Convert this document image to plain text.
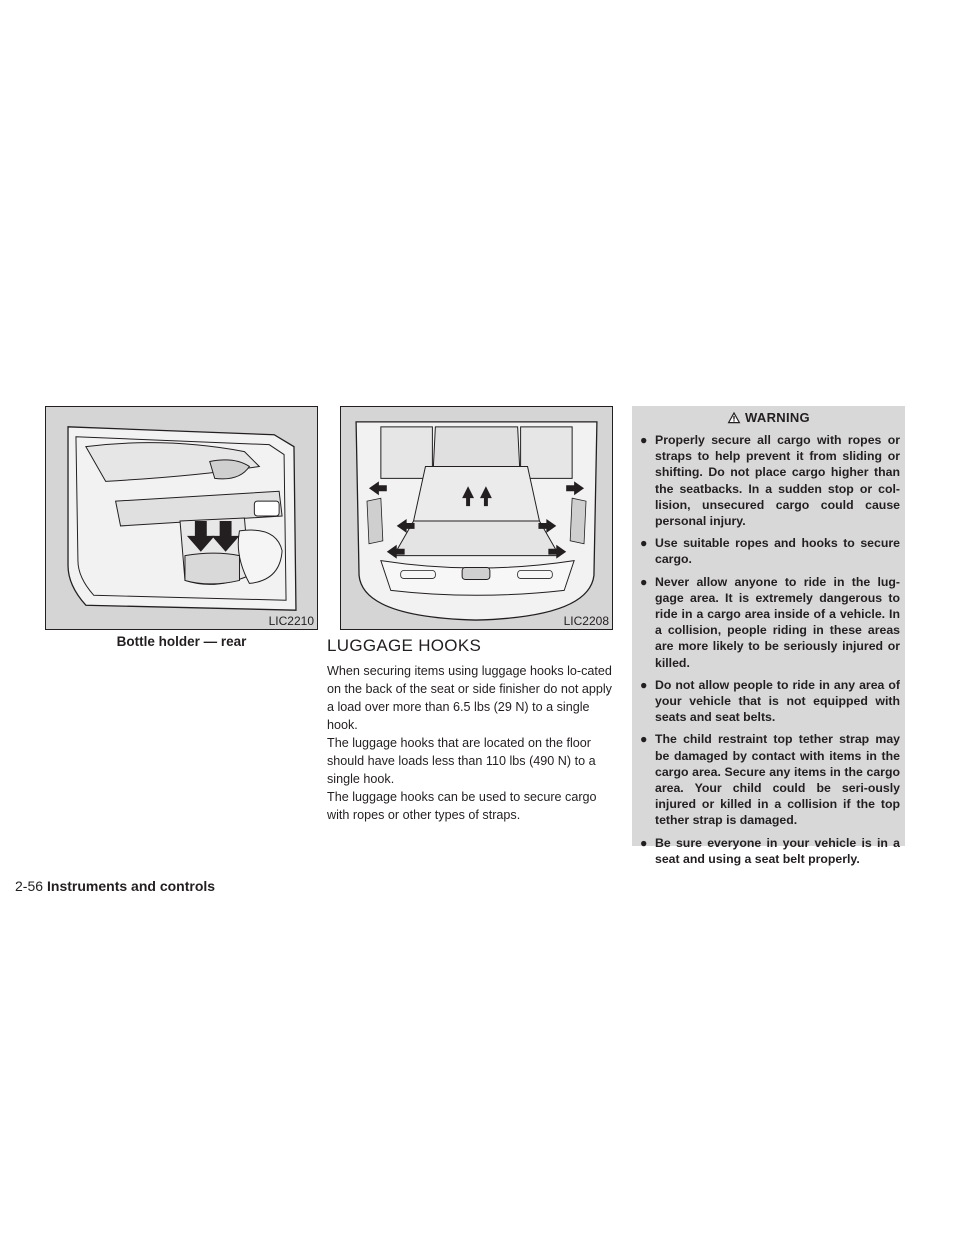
LIC2210
Bottle holder — rear
LIC2208
LUGGAGE HOOKS

When securing items using luggage hooks lo-cated on the back of the seat or side finisher do not apply a load over more than 6.5 lbs (29 N) to a single hook.

The luggage hooks that are located on the floor should have loads less than 110 lbs (490 N) to a single hook.

The luggage hooks can be used to secure cargo with ropes or other types of straps.

WARNING
● Properly secure all cargo with ropes or straps to help prevent it from sliding or shifting. Do not place cargo higher than the seatbacks. In a sudden stop or col-lision, unsecured cargo could cause personal injury.
● Use suitable ropes and hooks to secure cargo.
● Never allow anyone to ride in the lug-gage area. It is extremely dangerous to ride in a cargo area inside of a vehicle. In a collision, people riding in these areas are more likely to be seriously injured or killed.
● Do not allow people to ride in any area of your vehicle that is not equipped with seats and seat belts.
● The child restraint top tether strap may be damaged by contact with items in the cargo area. Secure any items in the cargo area. Your child could be seri-ously injured or killed in a collision if the top tether strap is damaged.
● Be sure everyone in your vehicle is in a seat and using a seat belt properly.
2-56 Instruments and controls
